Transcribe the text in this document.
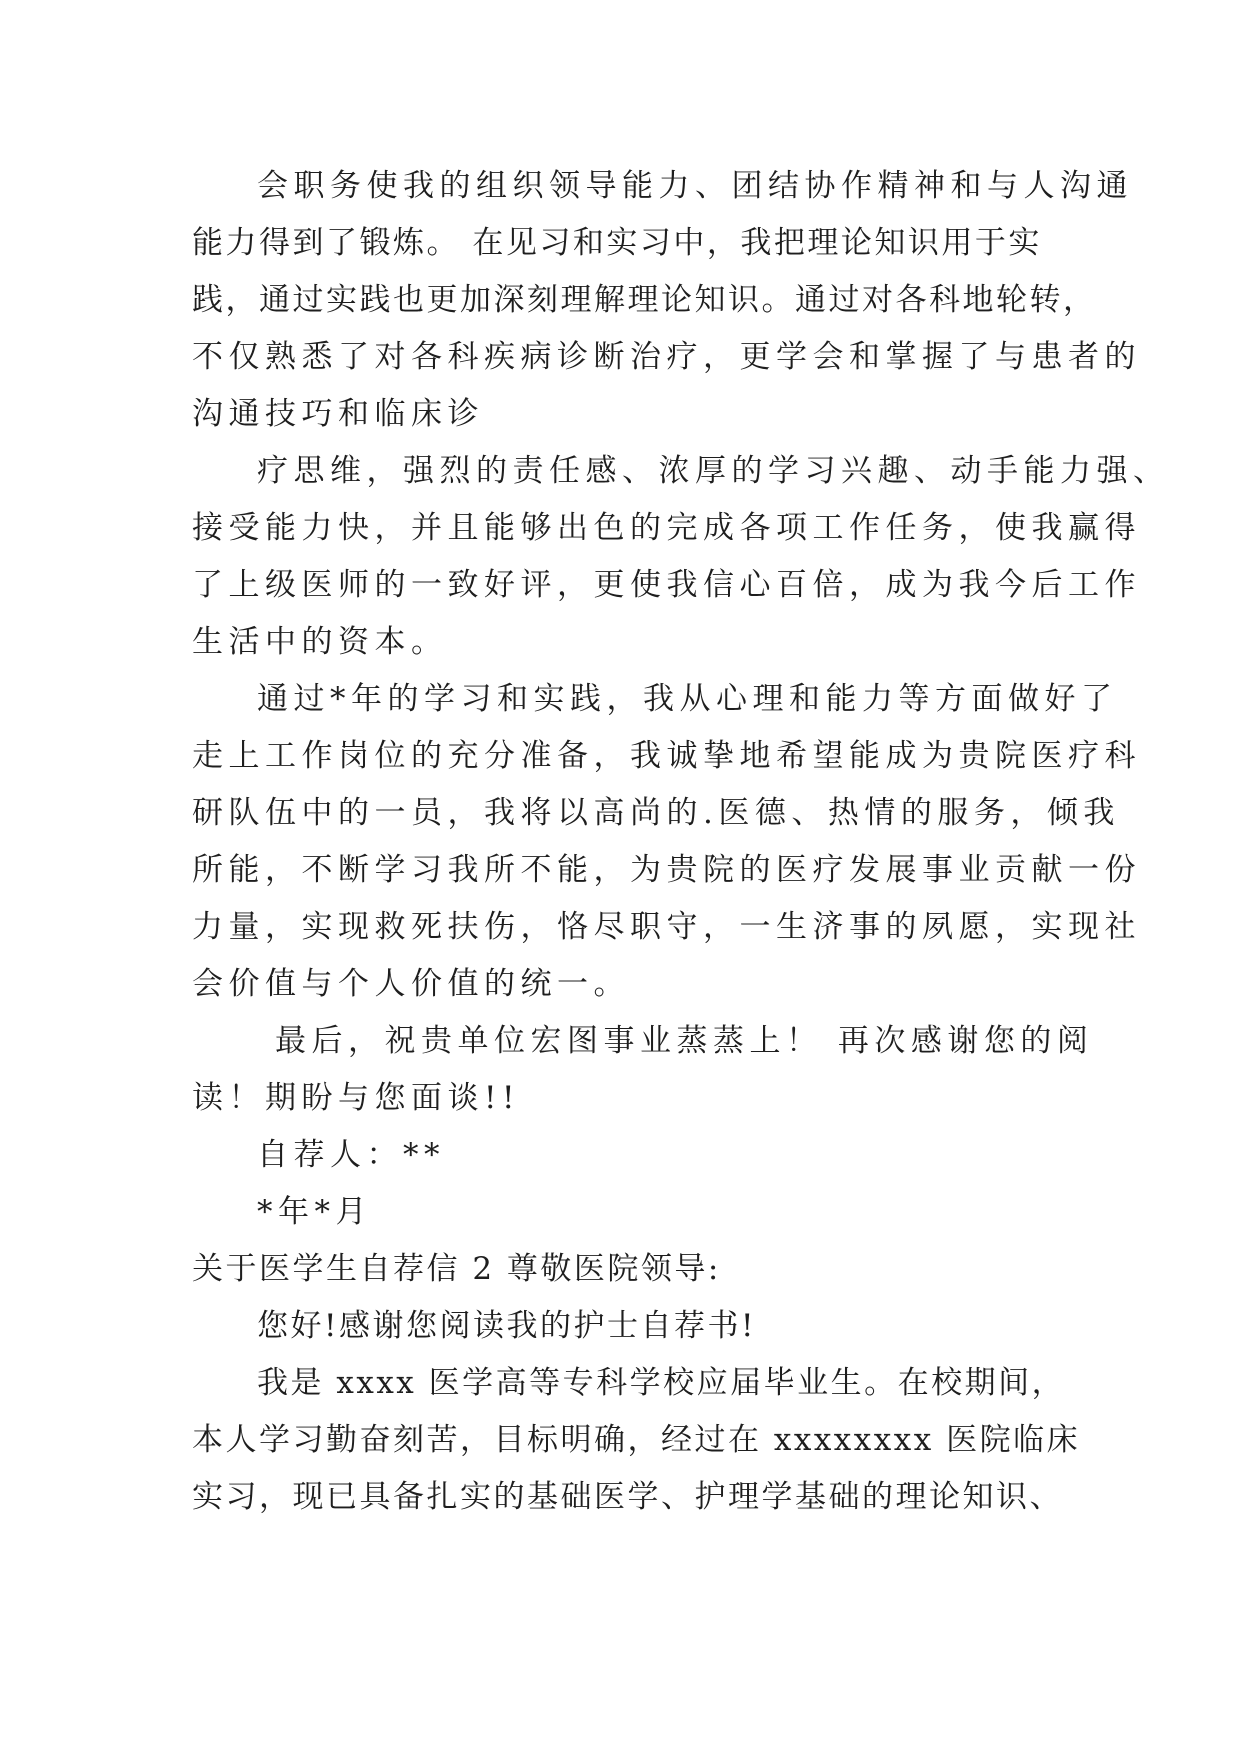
会职务使我的组织领导能力、团结协作精神和与人沟通
能力得到了锻炼。 在见习和实习中，我把理论知识用于实
践，通过实践也更加深刻理解理论知识。通过对各科地轮转，
不仅熟悉了对各科疾病诊断治疗，更学会和掌握了与患者的
沟通技巧和临床诊
疗思维，强烈的责任感、浓厚的学习兴趣、动手能力强、
接受能力快，并且能够出色的完成各项工作任务，使我赢得
了上级医师的一致好评，更使我信心百倍，成为我今后工作
生活中的资本。
通过*年的学习和实践，我从心理和能力等方面做好了
走上工作岗位的充分准备，我诚挚地希望能成为贵院医疗科
研队伍中的一员，我将以高尚的.医德、热情的服务，倾我
所能，不断学习我所不能，为贵院的医疗发展事业贡献一份
力量，实现救死扶伤，恪尽职守，一生济事的夙愿，实现社
会价值与个人价值的统一。
最后，祝贵单位宏图事业蒸蒸上！ 再次感谢您的阅
读！期盼与您面谈!!
自荐人：**
*年*月
关于医学生自荐信 2 尊敬医院领导:
您好!感谢您阅读我的护士自荐书!
我是 xxxx 医学高等专科学校应届毕业生。在校期间，
本人学习勤奋刻苦，目标明确，经过在 xxxxxxxx 医院临床
实习，现已具备扎实的基础医学、护理学基础的理论知识、
